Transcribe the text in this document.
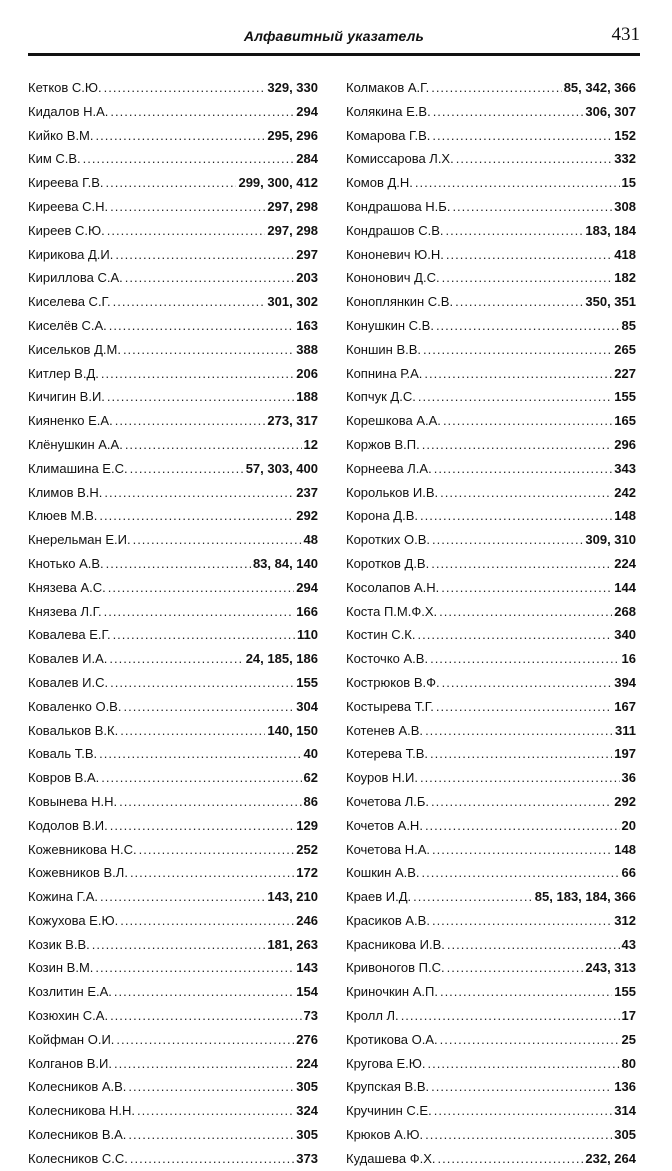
Алфавитный указатель	431
Кетков С.Ю. .....	329, 330
Кидалов Н.А. .....	294
Кийко В.М. .....	295, 296
Ким С.В. .....	284
Киреева Г.В. .....	299, 300, 412
Киреева С.Н. .....	297, 298
Киреев С.Ю. .....	297, 298
Кирикова Д.И. .....	297
Кириллова С.А. .....	203
Киселева С.Г. .....	301, 302
Киселёв С.А. .....	163
Кисельков Д.М. .....	388
Китлер В.Д. .....	206
Кичигин В.И. .....	188
Кияненко Е.А. .....	273, 317
Клёнушкин А.А. .....	12
Климашина Е.С. .....	57, 303, 400
Климов В.Н. .....	237
Клюев М.В. .....	292
Кнерельман Е.И. .....	48
Кнотько А.В. .....	83, 84, 140
Князева А.С. .....	294
Князева Л.Г. .....	166
Ковалева Е.Г. .....	110
Ковалев И.А. .....	24, 185, 186
Ковалев И.С. .....	155
Коваленко О.В. .....	304
Ковальков В.К. .....	140, 150
Коваль Т.В. .....	40
Ковров В.А. .....	62
Ковынева Н.Н. .....	86
Кодолов В.И. .....	129
Кожевникова Н.С. .....	252
Кожевников В.Л. .....	172
Кожина Г.А. .....	143, 210
Кожухова Е.Ю. .....	246
Козик В.В. .....	181, 263
Козин В.М. .....	143
Козлитин Е.А. .....	154
Козюхин С.А. .....	73
Койфман О.И. .....	276
Колганов В.И. .....	224
Колесников А.В. .....	305
Колесникова Н.Н. .....	324
Колесников В.А. .....	305
Колесников С.С. .....	373
Колмаков А.Г. .....	85, 342, 366
Колякина Е.В. .....	306, 307
Комарова Г.В. .....	152
Комиссарова Л.Х. .....	332
Комов Д.Н. .....	15
Кондрашова Н.Б. .....	308
Кондрашов С.В. .....	183, 184
Кононевич Ю.Н. .....	418
Кононович Д.С. .....	182
Коноплянкин С.В. .....	350, 351
Конушкин С.В. .....	85
Коншин В.В. .....	265
Копнина Р.А. .....	227
Копчук Д.С. .....	155
Корешкова А.А. .....	165
Коржов В.П. .....	296
Корнеева Л.А. .....	343
Корольков И.В. .....	242
Корона Д.В. .....	148
Коротких О.В. .....	309, 310
Коротков Д.В. .....	224
Косолапов А.Н. .....	144
Коста П.М.Ф.Х. .....	268
Костин С.К. .....	340
Косточко А.В. .....	16
Кострюков В.Ф. .....	394
Костырева Т.Г. .....	167
Котенев А.В. .....	311
Котерева Т.В. .....	197
Коуров Н.И. .....	36
Кочетова Л.Б. .....	292
Кочетов А.Н. .....	20
Кочетова Н.А. .....	148
Кошкин А.В. .....	66
Краев И.Д. .....	85, 183, 184, 366
Красиков А.В. .....	312
Красникова И.В. .....	43
Кривоногов П.С. .....	243, 313
Криночкин А.П. .....	155
Кролл Л. .....	17
Кротикова О.А. .....	25
Кругова Е.Ю. .....	80
Крупская В.В. .....	136
Кручинин С.Е. .....	314
Крюков А.Ю. .....	305
Кудашева Ф.Х. .....	232, 264
